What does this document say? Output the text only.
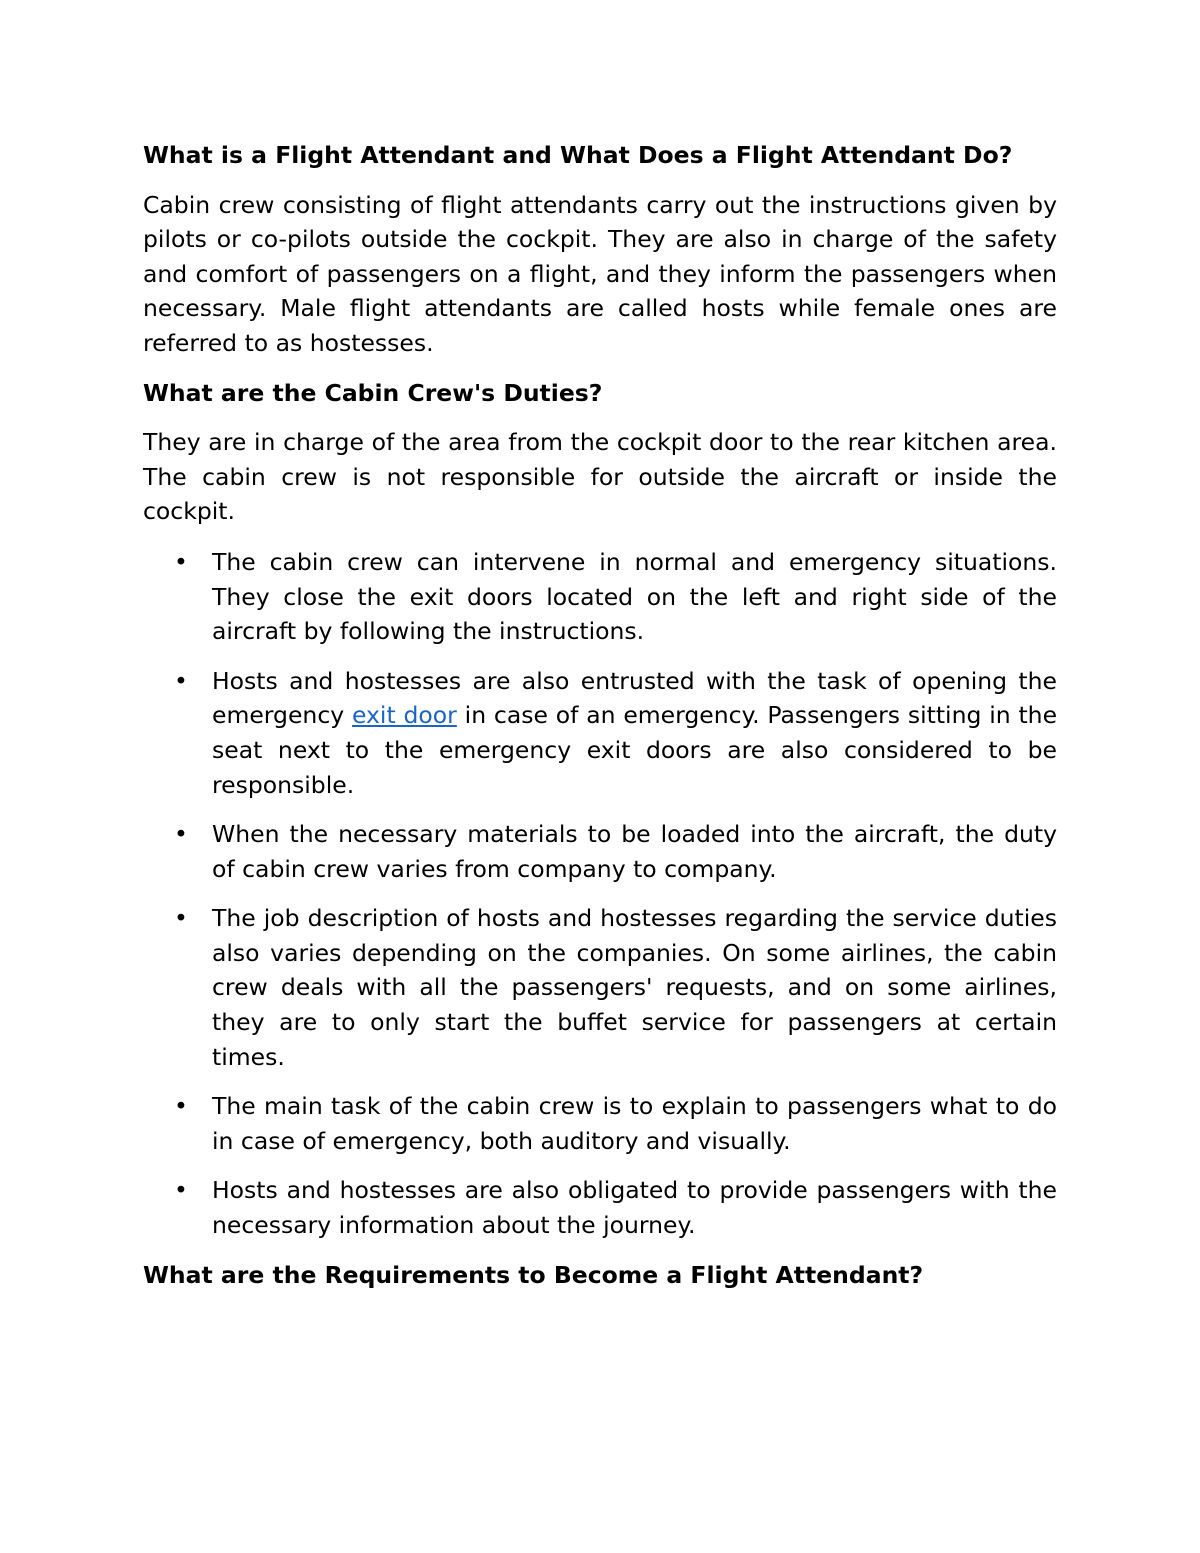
What is a Flight Attendant and What Does a Flight Attendant Do?

Cabin crew consisting of flight attendants carry out the instructions given by pilots or co-pilots outside the cockpit. They are also in charge of the safety and comfort of passengers on a flight, and they inform the passengers when necessary. Male flight attendants are called hosts while female ones are referred to as hostesses.

What are the Cabin Crew's Duties?

They are in charge of the area from the cockpit door to the rear kitchen area. The cabin crew is not responsible for outside the aircraft or inside the cockpit.

• The cabin crew can intervene in normal and emergency situations. They close the exit doors located on the left and right side of the aircraft by following the instructions.
• Hosts and hostesses are also entrusted with the task of opening the emergency exit door in case of an emergency. Passengers sitting in the seat next to the emergency exit doors are also considered to be responsible.
• When the necessary materials to be loaded into the aircraft, the duty of cabin crew varies from company to company.
• The job description of hosts and hostesses regarding the service duties also varies depending on the companies. On some airlines, the cabin crew deals with all the passengers' requests, and on some airlines, they are to only start the buffet service for passengers at certain times.
• The main task of the cabin crew is to explain to passengers what to do in case of emergency, both auditory and visually.
• Hosts and hostesses are also obligated to provide passengers with the necessary information about the journey.
What are the Requirements to Become a Flight Attendant?
